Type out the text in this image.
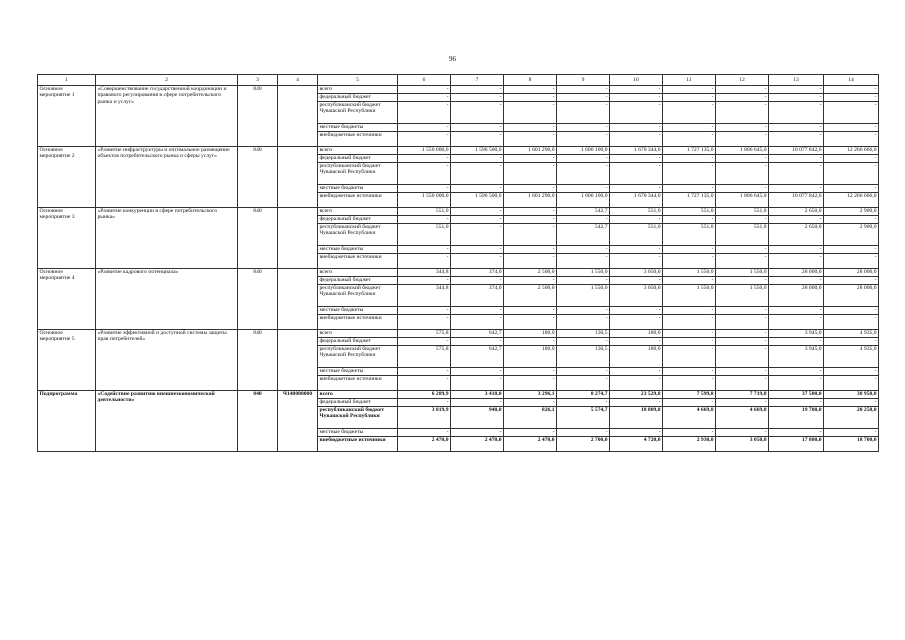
96
1	2	3	4	5	6	7	8	9	10	11	12	13	14
Основное мероприятие 1	«Совершенствование государственной координации и правового регулирования в сфере потребительского рынка и услуг»	840		всего	-	-	-	-	-	-	-	-	-
				федеральный бюджет	-	-	-	-	-	-	-	-	-
				республиканский бюджет Чувашской Республики	-	-	-	-	-	-	-	-	-
				местные бюджеты	-	-	-	-	-	-	-	-	-
				внебюджетные источники	-	-	-	-	-	-	-	-	-
Основное мероприятие 2	«Развитие инфраструктуры и оптимальное размещение объектов потребительского рынка и сферы услуг»	840		всего	1 550 000,0	1 596 500,0	1 601 290,0	1 606 100,0	1 670 344,0	1 727 135,0	1 806 645,0	10 077 842,6	12 266 666,0
				федеральный бюджет	-	-	-	-	-	-	-	-	-
				республиканский бюджет Чувашской Республики	-	-	-	-	-	-	-	-	-
				местные бюджеты	-	-	-	-	-	-	-	-	-
				внебюджетные источники	1 550 000,0	1 596 500,0	1 601 290,0	1 606 100,0	1 670 344,0	1 727 135,0	1 806 645,0	10 077 842,6	12 266 666,0
Основное мероприятие 3	«Развитие конкуренции в сфере потребительского рынка»	840		всего	551,0	-	-	542,7	551,0	551,0	551,0	2 650,0	2 900,0
				федеральный бюджет	-	-	-	-	-	-	-	-	-
				республиканский бюджет Чувашской Республики	551,0	-	-	542,7	551,0	551,0	551,0	2 650,0	2 900,0
				местные бюджеты	-	-	-	-	-	-	-	-	-
				внебюджетные источники	-	-	-	-	-	-	-	-	-
Основное мероприятие 4	«Развитие кадрового потенциала»	840		всего	344,8	374,0	2 500,0	1 550,0	3 050,0	1 550,0	1 550,0	28 000,0	28 000,0
				федеральный бюджет	-	-	-	-	-	-	-	-	-
				республиканский бюджет Чувашской Республики	344,8	374,0	2 500,0	1 550,0	3 050,0	1 550,0	1 550,0	28 000,0	28 000,0
				местные бюджеты	-	-	-	-	-	-	-	-	-
				внебюджетные источники	-	-	-	-	-	-	-	-	-
Основное мероприятие 5	«Развитие эффективной и доступной системы защиты прав потребителей»	840		всего	575,8	642,7	180,0	130,5	180,0	-	-	3 945,0	4 935,0
				федеральный бюджет	-	-	-	-	-	-	-	-	-
				республиканский бюджет Чувашской Республики	575,8	642,7	180,0	130,5	180,0	-	-	3 945,0	4 935,0
				местные бюджеты	-	-	-	-	-	-	-	-	-
				внебюджетные источники	-	-	-	-	-	-	-	-	-
Подпрограмма	«Содействие развитию внешнеэкономической деятельности»	840	Ч140000000	всего	6 289,9	3 410,0	3 296,1	8 274,7	23 529,8	7 599,8	7 719,8	37 500,0	38 950,0
				федеральный бюджет	-	-	-	-	-	-	-	-	-
				республиканский бюджет Чувашской Республики	3 819,9	940,0	826,1	5 574,7	18 809,8	4 669,8	4 669,8	19 700,0	20 250,0
				местные бюджеты	-	-	-	-	-	-	-	-	-
				внебюджетные источники	2 470,0	2 470,0	2 470,0	2 700,0	4 720,0	2 930,0	3 050,0	17 800,0	18 700,0
